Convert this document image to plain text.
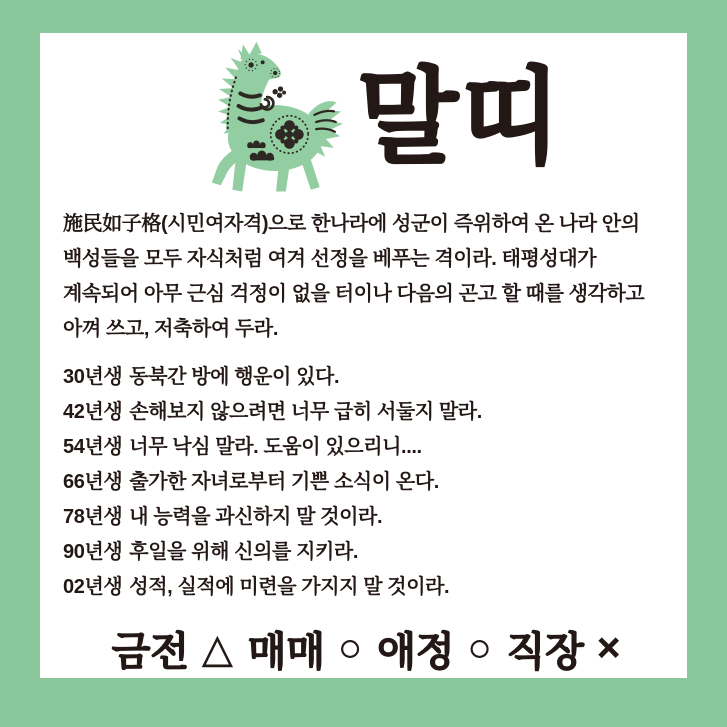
말띠

施民如子格(시민여자격)으로 한나라에 성군이 즉위하여 온 나라 안의

백성들을 모두 자식처럼 여겨 선정을 베푸는 격이라. 태평성대가

계속되어 아무 근심 걱정이 없을 터이나 다음의 곤고 할 때를 생각하고

아껴 쓰고, 저축하여 두라.

30년생 동북간 방에 행운이 있다.

42년생 손해보지 않으려면 너무 급히 서둘지 말라.

54년생 너무 낙심 말라. 도움이 있으리니....

66년생 출가한 자녀로부터 기쁜 소식이 온다.

78년생 내 능력을 과신하지 말 것이라.

90년생 후일을 위해 신의를 지키라.

02년생 성적, 실적에 미련을 가지지 말 것이라.

금전 △ 매매 ○ 애정 ○ 직장 ×
